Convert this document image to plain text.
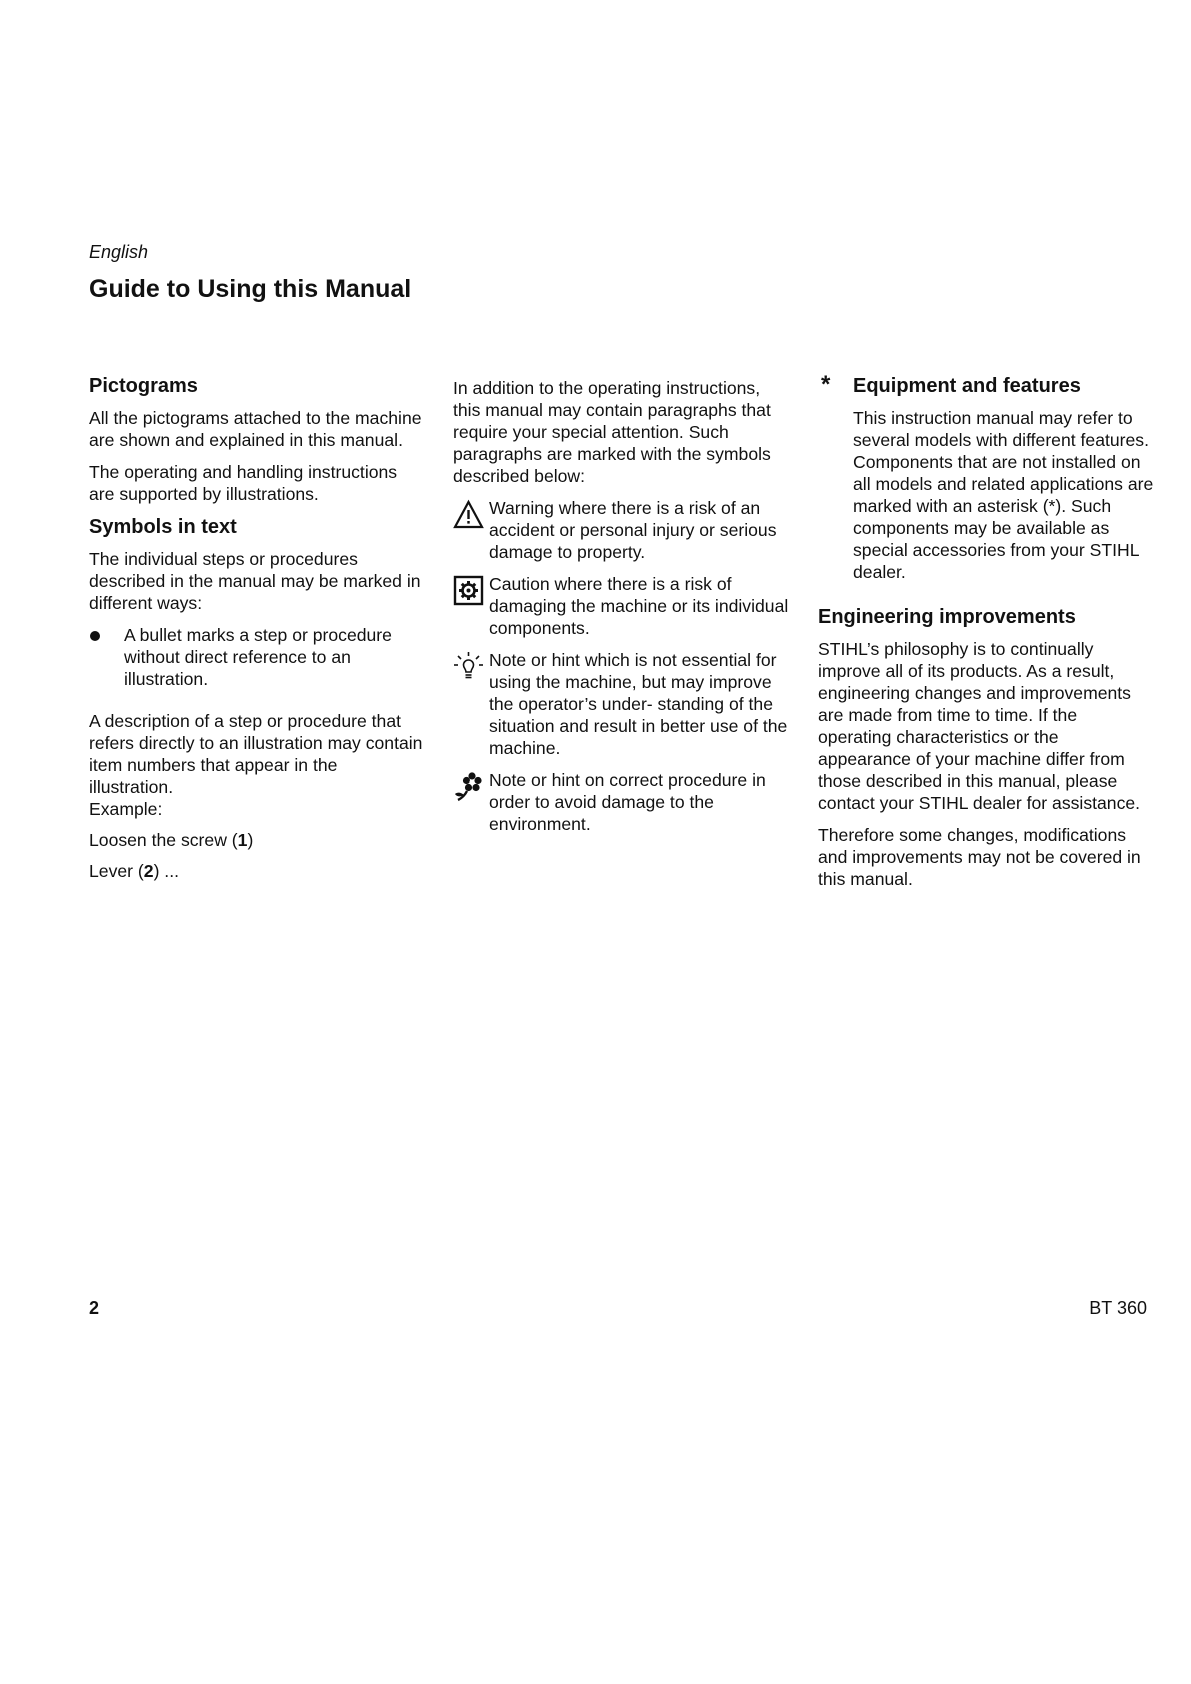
English
Guide to Using this Manual
Pictograms

All the pictograms attached to the machine are shown and explained in this manual.

The operating and handling instructions are supported by illustrations.

Symbols in text

The individual steps or procedures described in the manual may be marked in different ways:

A bullet marks a step or procedure without direct reference to an illustration.

A description of a step or procedure that refers directly to an illustration may contain item numbers that appear in the illustration.

Example:

Loosen the screw (1)
Lever (2) ...

In addition to the operating instructions, this manual may contain paragraphs that require your special attention. Such paragraphs are marked with the symbols described below:

Warning where there is a risk of an accident or personal injury or serious damage to property.
Caution where there is a risk of damaging the machine or its individual components.
Note or hint which is not essential for using the machine, but may improve the operator’s under- standing of the situation and result in better use of the machine.
Note or hint on correct procedure in order to avoid damage to the environment.
* Equipment and features

This instruction manual may refer to several models with different features. Components that are not installed on all models and related applications are marked with an asterisk (*). Such components may be available as special accessories from your STIHL dealer.

Engineering improvements

STIHL’s philosophy is to continually improve all of its products. As a result, engineering changes and improvements are made from time to time. If the operating characteristics or the appearance of your machine differ from those described in this manual, please contact your STIHL dealer for assistance.

Therefore some changes, modifications and improvements may not be covered in this manual.

2	BT 360
